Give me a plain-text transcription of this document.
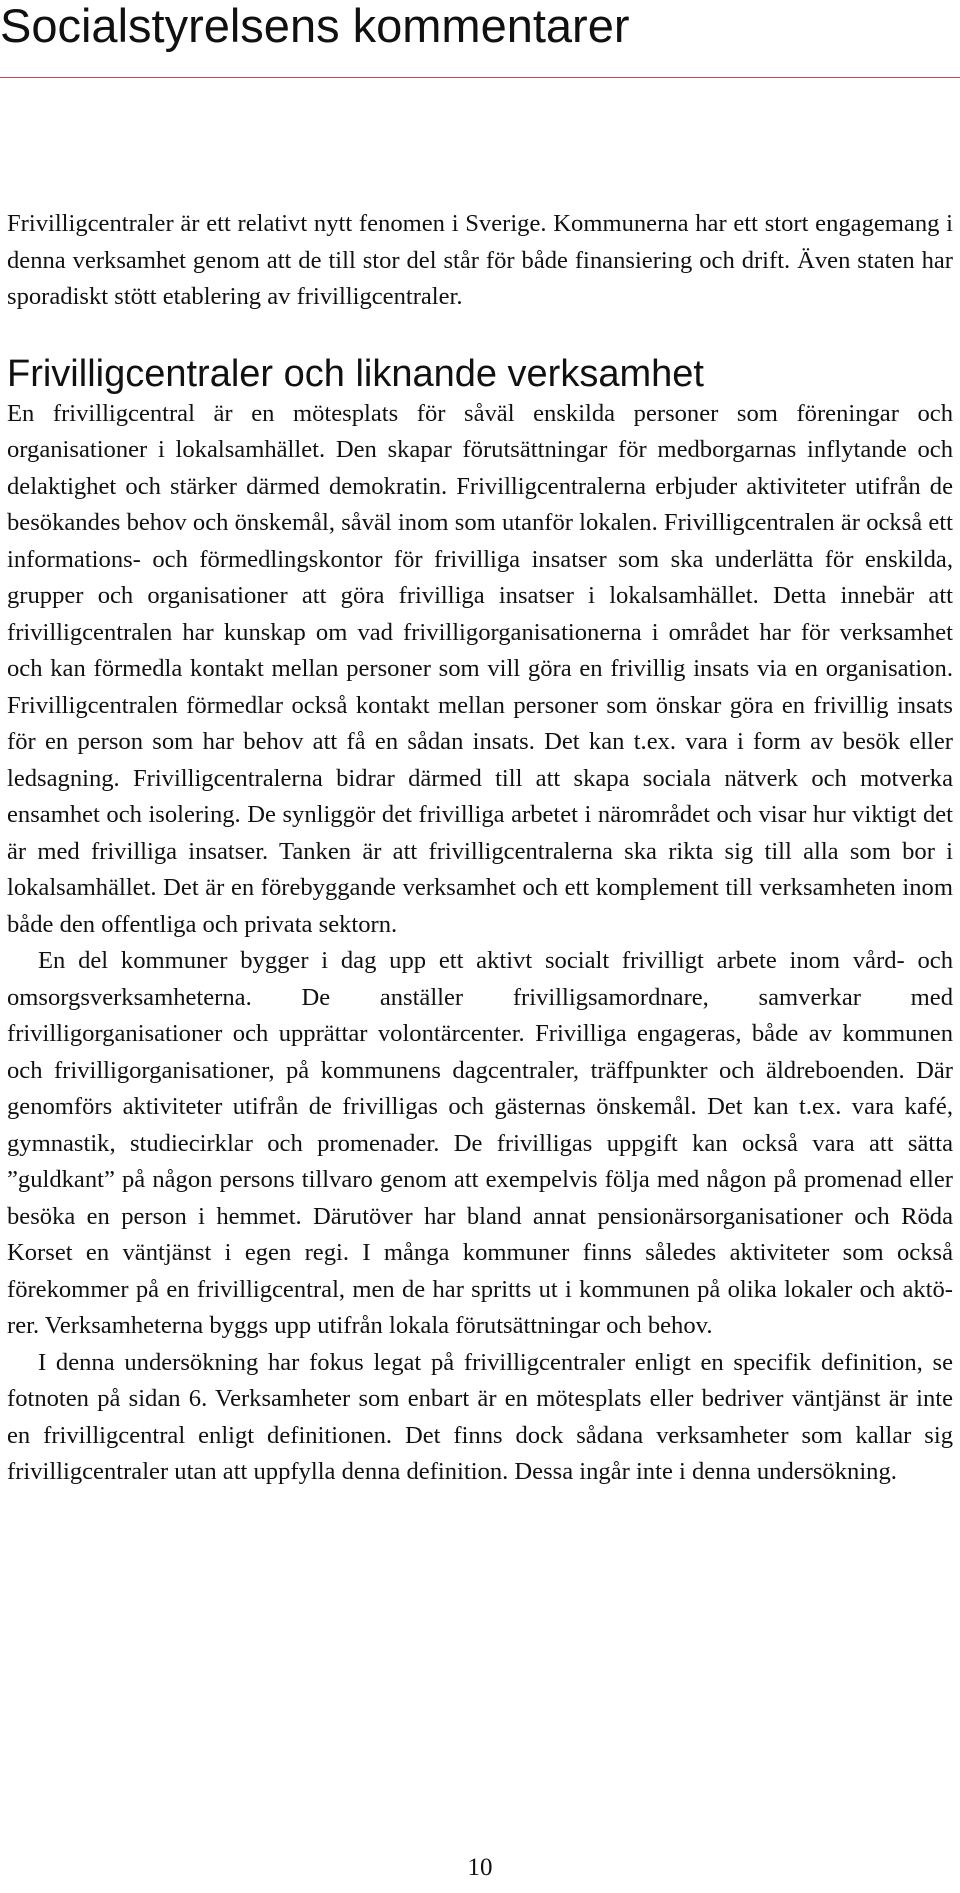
Socialstyrelsens kommentarer

Frivilligcentraler är ett relativt nytt fenomen i Sverige. Kommunerna har ett stort engagemang i denna verksamhet genom att de till stor del står för både finansiering och drift. Även staten har sporadiskt stött etablering av frivilligcentraler.

Frivilligcentraler och liknande verksamhet

En frivilligcentral är en mötesplats för såväl enskilda personer som föreningar och organisationer i lokalsamhället. Den skapar förutsättningar för medborgarnas inflytande och delaktighet och stärker därmed demokratin. Frivilligcentralerna erbjuder aktiviteter utifrån de besökandes behov och önskemål, såväl inom som utanför lokalen. Frivilligcentralen är också ett informations- och förmedlingskontor för frivilliga insatser som ska underlätta för enskilda, grupper och organisationer att göra frivilliga insatser i lokalsamhället. Detta innebär att frivilligcentralen har kunskap om vad frivilligorganisationerna i området har för verksamhet och kan förmedla kontakt mellan personer som vill göra en frivillig insats via en organisation. Frivilligcentralen förmedlar också kontakt mellan personer som önskar göra en frivillig insats för en person som har behov att få en sådan insats. Det kan t.ex. vara i form av besök eller ledsagning. Frivilligcentralerna bidrar därmed till att skapa sociala nätverk och motverka ensamhet och isolering. De synliggör det frivilliga arbetet i närområdet och visar hur viktigt det är med frivilliga insatser. Tanken är att frivilligcentralerna ska rikta sig till alla som bor i lokalsamhället. Det är en förebyggande verksamhet och ett komplement till verksamheten inom både den offentliga och privata sektorn.

En del kommuner bygger i dag upp ett aktivt socialt frivilligt arbete inom vård- och omsorgsverksamheterna. De anställer frivilligsamordnare, samverkar med frivilligorganisationer och upprättar volontärcenter. Frivilliga engageras, både av kommunen och frivilligorganisationer, på kommunens dagcentraler, träffpunkter och äldreboenden. Där genomförs aktiviteter utifrån de frivilligas och gästernas önskemål. Det kan t.ex. vara kafé, gymnastik, studiecirklar och promenader. De frivilligas uppgift kan också vara att sätta ”guldkant” på någon persons tillvaro genom att exempelvis följa med någon på promenad eller besöka en person i hemmet. Därutöver har bland annat pensionärsorganisationer och Röda Korset en väntjänst i egen regi. I många kommuner finns således aktiviteter som också förekommer på en frivilligcentral, men de har spritts ut i kommunen på olika lokaler och aktörer. Verksamheterna byggs upp utifrån lokala förutsättningar och behov.

I denna undersökning har fokus legat på frivilligcentraler enligt en specifik definition, se fotnoten på sidan 6. Verksamheter som enbart är en mötesplats eller bedriver väntjänst är inte en frivilligcentral enligt definitionen. Det finns dock sådana verksamheter som kallar sig frivilligcentraler utan att uppfylla denna definition. Dessa ingår inte i denna undersökning.

10
